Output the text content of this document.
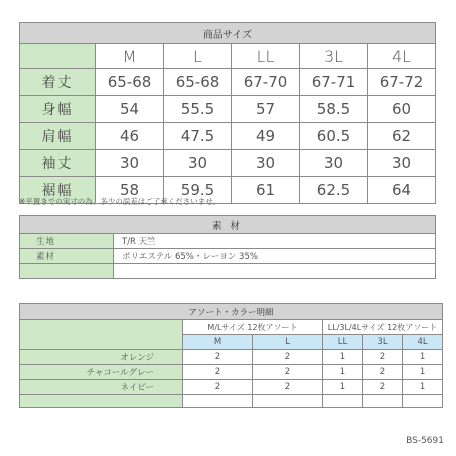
商品サイズ					
	M	L	LL	3L	4L
着丈	65-68	65-68	67-70	67-71	67-72
身幅	54	55.5	57	58.5	60
肩幅	46	47.5	49	60.5	62
袖丈	30	30	30	30	30
裾幅	58	59.5	61	62.5	64
※平置きでの実寸の為、多少の誤差はご了承くださいませ。
素 材	
生地	T/R 天竺
素材	ポリエステル 65%・レーヨン 35%

アソート・カラー明細					
	M/Lサイズ 12枚アソート		LL/3L/4Lサイズ 12枚アソート		
	M	L	LL	3L	4L
オレンジ	2	2	1	2	1
チャコールグレー	2	2	1	2	1
ネイビー	2	2	1	2	1

BS-5691
